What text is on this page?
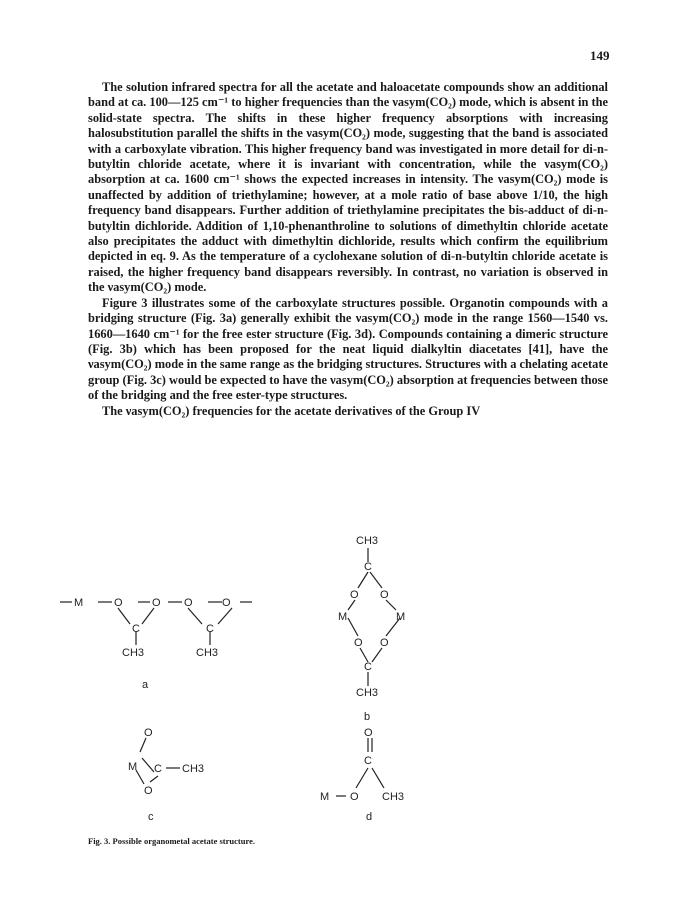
149

The solution infrared spectra for all the acetate and haloacetate compounds show an additional band at ca. 100—125 cm⁻¹ to higher frequencies than the νasym(CO₂) mode, which is absent in the solid-state spectra. The shifts in these higher frequency absorptions with increasing halosubstitution parallel the shifts in the νasym(CO₂) mode, suggesting that the band is associated with a carboxylate vibration. This higher frequency band was investigated in more detail for di-n-butyltin chloride acetate, where it is invariant with concentration, while the νasym(CO₂) absorption at ca. 1600 cm⁻¹ shows the expected increases in intensity. The νasym(CO₂) mode is unaffected by addition of triethylamine; however, at a mole ratio of base above 1/10, the high frequency band disappears. Further addition of triethylamine precipitates the bis-adduct of di-n-butyltin dichloride. Addition of 1,10-phenanthroline to solutions of dimethyltin chloride acetate also precipitates the adduct with dimethyltin dichloride, results which confirm the equilibrium depicted in eq. 9. As the temperature of a cyclohexane solution of di-n-butyltin chloride acetate is raised, the higher frequency band disappears reversibly. In contrast, no variation is observed in the νasym(CO₂) mode.

Figure 3 illustrates some of the carboxylate structures possible. Organotin compounds with a bridging structure (Fig. 3a) generally exhibit the νasym(CO₂) mode in the range 1560—1540 vs. 1660—1640 cm⁻¹ for the free ester structure (Fig. 3d). Compounds containing a dimeric structure (Fig. 3b) which has been proposed for the neat liquid dialkyltin diacetates [41], have the νasym(CO₂) mode in the same range as the bridging structures. Structures with a chelating acetate group (Fig. 3c) would be expected to have the νasym(CO₂) absorption at frequencies between those of the bridging and the free ester-type structures.

The νasym(CO₂) frequencies for the acetate derivatives of the Group IV

M	O	O O	O
C	C
CH3	CH3
CH3
C
O O
M	M
O O
C
CH3
b
O
M C CH3
O
O
C
M O CH3
a
c	d
Fig. 3. Possible organometal acetate structure.
